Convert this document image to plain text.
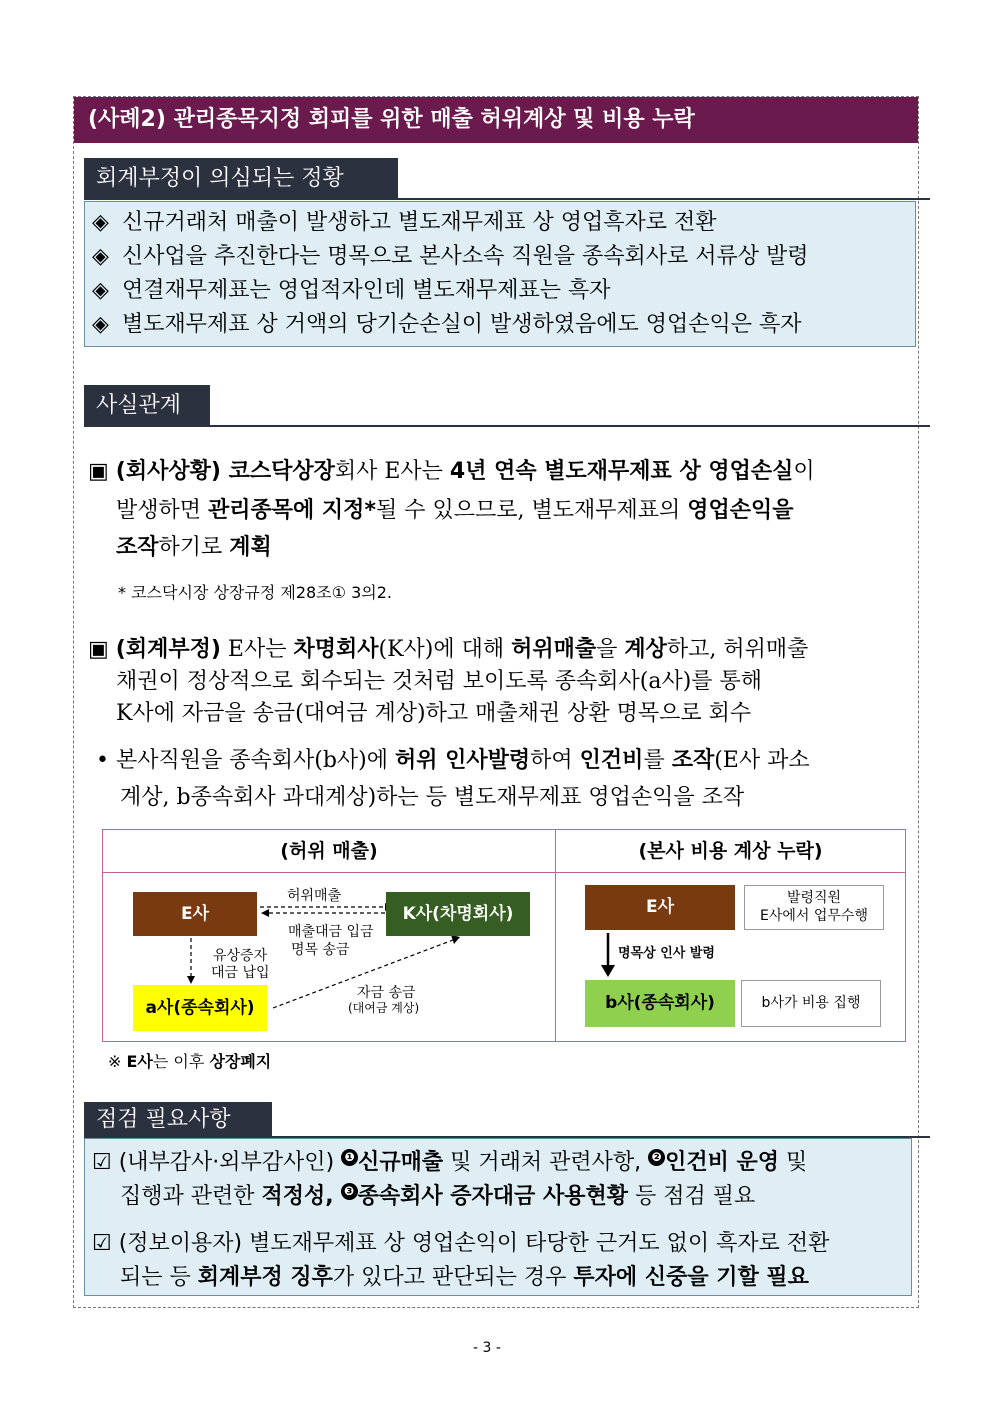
(사례2) 관리종목지정 회피를 위한 매출 허위계상 및 비용 누락
회계부정이 의심되는 정황
◈ 신규거래처 매출이 발생하고 별도재무제표 상 영업흑자로 전환
◈ 신사업을 추진한다는 명목으로 본사소속 직원을 종속회사로 서류상 발령
◈ 연결재무제표는 영업적자인데 별도재무제표는 흑자
◈ 별도재무제표 상 거액의 당기순손실이 발생하였음에도 영업손익은 흑자
사실관계
▣ (회사상황) 코스닥상장회사 E사는 4년 연속 별도재무제표 상 영업손실이
발생하면 관리종목에 지정*될 수 있으므로, 별도재무제표의 영업손익을
조작하기로 계획
* 코스닥시장 상장규정 제28조① 3의2.
▣ (회계부정) E사는 차명회사(K사)에 대해 허위매출을 계상하고, 허위매출
채권이 정상적으로 회수되는 것처럼 보이도록 종속회사(a사)를 통해
K사에 자금을 송금(대여금 계상)하고 매출채권 상환 명목으로 회수
• 본사직원을 종속회사(b사)에 허위 인사발령하여 인건비를 조작(E사 과소
계상, b종속회사 과대계상)하는 등 별도재무제표 영업손익을 조작
(허위 매출)	(본사 비용 계상 누락)
E사	K사(차명회사)
a사(종속회사)
허위매출
매출대금 입금
명목 송금
유상증자
대금 납입
자금 송금
(대여금 계상)
E사	발령직원
E사에서 업무수행
명목상 인사 발령
b사(종속회사)	b사가 비용 집행
※ E사는 이후 상장폐지
점검 필요사항
☑ (내부감사·외부감사인) ❶ 신규매출 및 거래처 관련사항, ❷ 인건비 운영 및
집행과 관련한 적정성, ❸ 종속회사 증자대금 사용현황 등 점검 필요
☑ (정보이용자) 별도재무제표 상 영업손익이 타당한 근거도 없이 흑자로 전환
되는 등 회계부정 징후가 있다고 판단되는 경우 투자에 신중을 기할 필요
- 3 -
